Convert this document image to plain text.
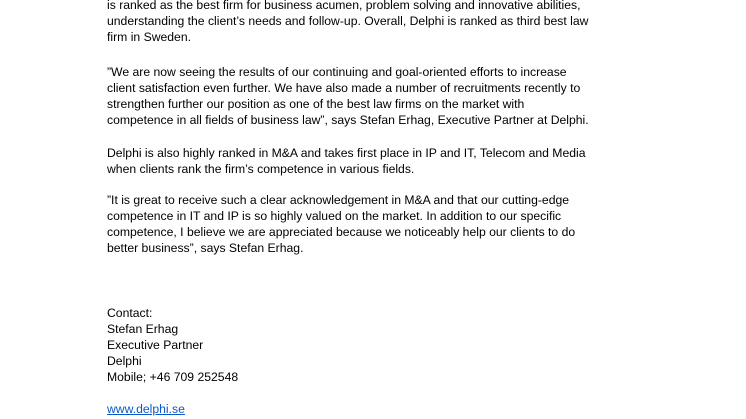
is ranked as the best firm for business acumen, problem solving and innovative abilities,
understanding the client’s needs and follow-up. Overall, Delphi is ranked as third best law
firm in Sweden.
”We are now seeing the results of our continuing and goal-oriented efforts to increase
client satisfaction even further. We have also made a number of recruitments recently to
strengthen further our position as one of the best law firms on the market with
competence in all fields of business law”, says Stefan Erhag, Executive Partner at Delphi.
Delphi is also highly ranked in M&A and takes first place in IP and IT, Telecom and Media
when clients rank the firm’s competence in various fields.
”It is great to receive such a clear acknowledgement in M&A and that our cutting-edge
competence in IT and IP is so highly valued on the market. In addition to our specific
competence, I believe we are appreciated because we noticeably help our clients to do
better business”, says Stefan Erhag.
Contact:
Stefan Erhag
Executive Partner
Delphi
Mobile; +46 709 252548
www.delphi.se
